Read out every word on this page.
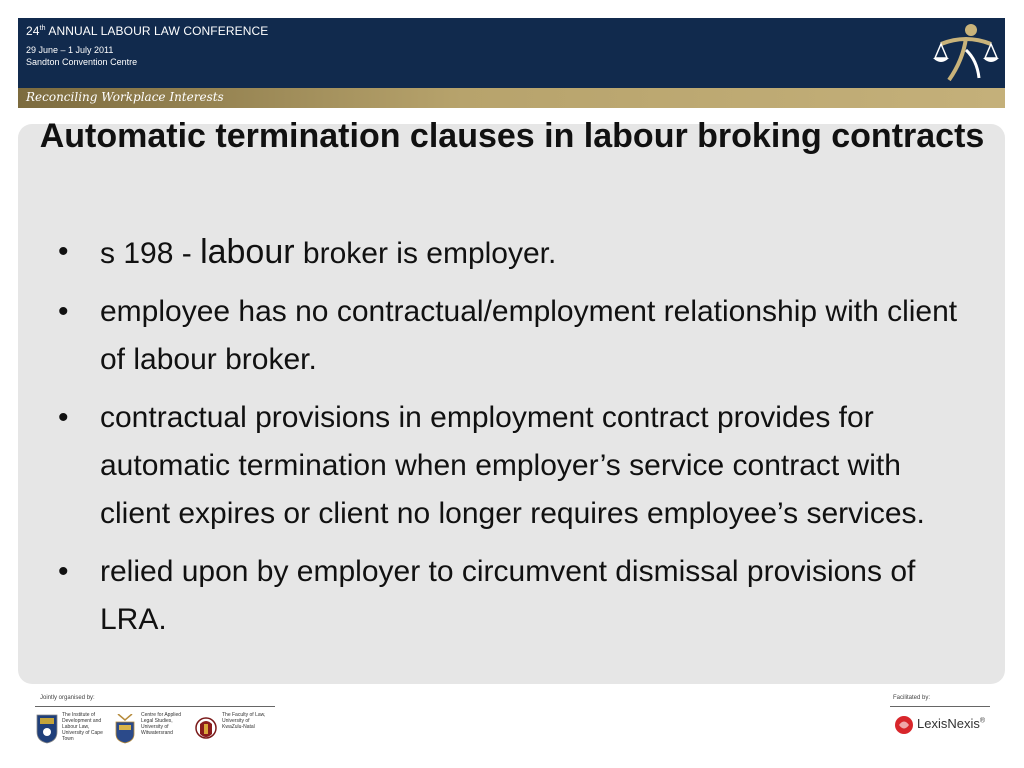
24th ANNUAL LABOUR LAW CONFERENCE
29 June – 1 July 2011
Sandton Convention Centre
Reconciling Workplace Interests
Automatic termination clauses in labour broking contracts
• s 198 - labour broker is employer.
• employee has no contractual/employment relationship with client of labour broker.
• contractual provisions in employment contract provides for automatic termination when employer’s service contract with client expires or client no longer requires employee’s services.
• relied upon by employer to circumvent dismissal provisions of LRA.
Jointly organised by:	Facilitated by:
The Institute of Development and Labour Law, University of Cape Town
Centre for Applied Legal Studies, University of Witwatersrand
The Faculty of Law, University of KwaZulu-Natal	LexisNexis®
